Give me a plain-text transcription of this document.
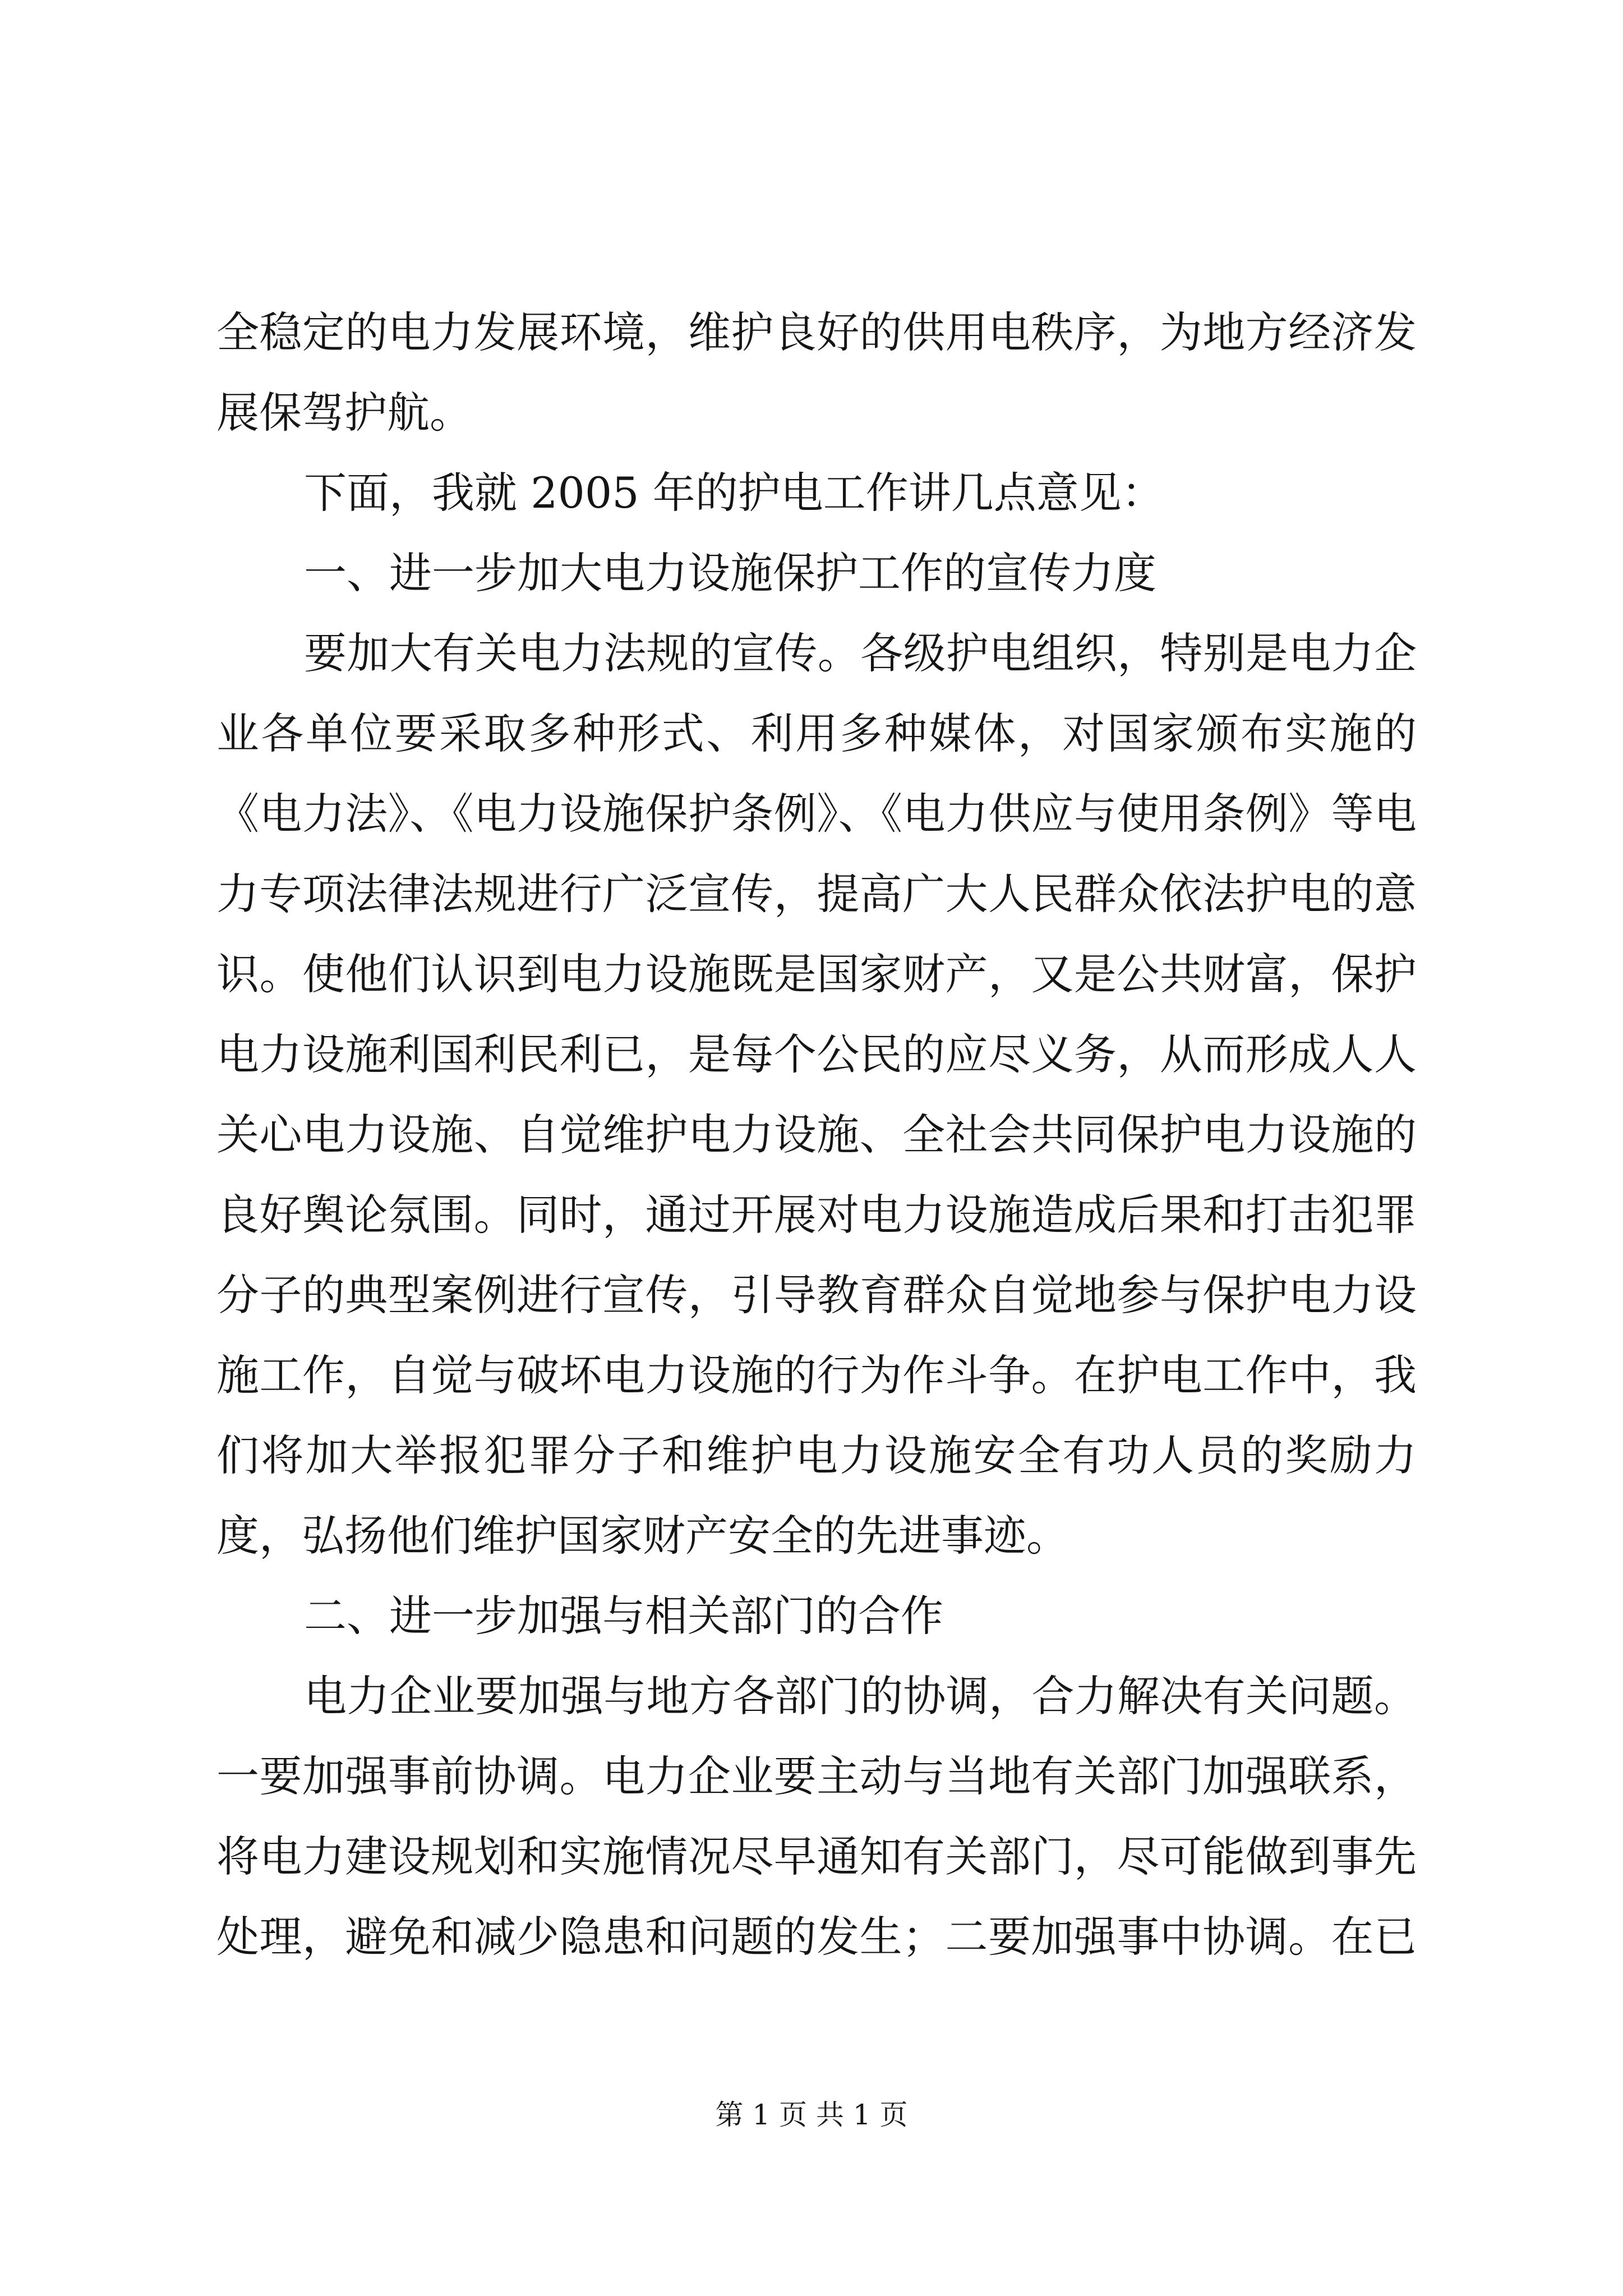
全稳定的电力发展环境，维护良好的供用电秩序，为地方经济发
展保驾护航。
下面，我就 2005 年的护电工作讲几点意见：
一、进一步加大电力设施保护工作的宣传力度
要加大有关电力法规的宣传。各级护电组织，特别是电力企
业各单位要采取多种形式、利用多种媒体，对国家颁布实施的
《电力法》、《电力设施保护条例》、《电力供应与使用条例》等电
力专项法律法规进行广泛宣传，提高广大人民群众依法护电的意
识。使他们认识到电力设施既是国家财产，又是公共财富，保护
电力设施利国利民利已，是每个公民的应尽义务，从而形成人人
关心电力设施、自觉维护电力设施、全社会共同保护电力设施的
良好舆论氛围。同时，通过开展对电力设施造成后果和打击犯罪
分子的典型案例进行宣传，引导教育群众自觉地参与保护电力设
施工作，自觉与破坏电力设施的行为作斗争。在护电工作中，我
们将加大举报犯罪分子和维护电力设施安全有功人员的奖励力
度，弘扬他们维护国家财产安全的先进事迹。
二、进一步加强与相关部门的合作
电力企业要加强与地方各部门的协调，合力解决有关问题。
一要加强事前协调。电力企业要主动与当地有关部门加强联系，
将电力建设规划和实施情况尽早通知有关部门，尽可能做到事先
处理，避免和减少隐患和问题的发生；二要加强事中协调。在已
第 1 页 共 1 页
